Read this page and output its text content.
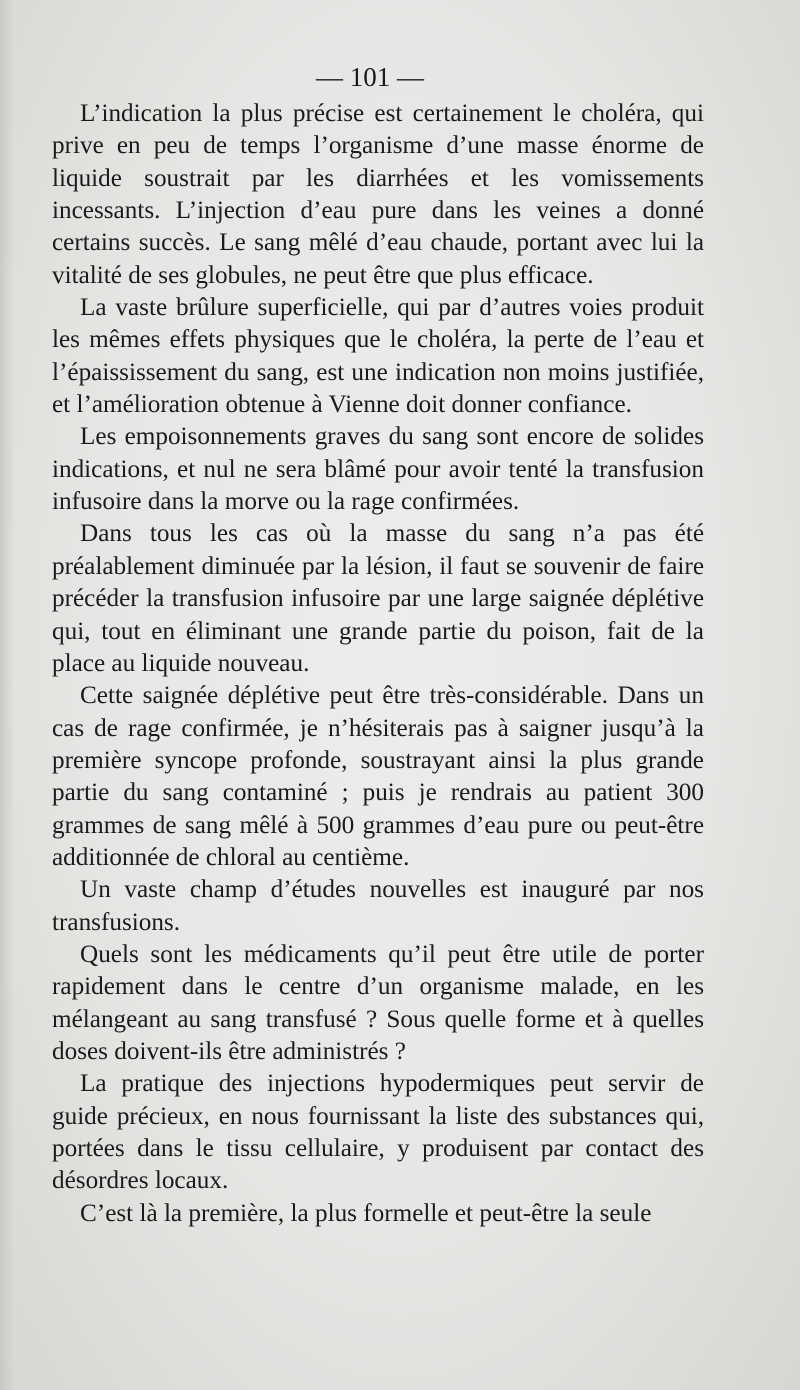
— 101 —

L’indication la plus précise est certainement le choléra, qui prive en peu de temps l’organisme d’une masse énorme de liquide soustrait par les diarrhées et les vomissements incessants. L’injection d’eau pure dans les veines a donné certains succès. Le sang mêlé d’eau chaude, portant avec lui la vitalité de ses globules, ne peut être que plus efficace.

La vaste brûlure superficielle, qui par d’autres voies produit les mêmes effets physiques que le choléra, la perte de l’eau et l’épaississement du sang, est une indication non moins justifiée, et l’amélioration obtenue à Vienne doit donner confiance.

Les empoisonnements graves du sang sont encore de solides indications, et nul ne sera blâmé pour avoir tenté la transfusion infusoire dans la morve ou la rage confirmées.

Dans tous les cas où la masse du sang n’a pas été préalablement diminuée par la lésion, il faut se souvenir de faire précéder la transfusion infusoire par une large saignée déplétive qui, tout en éliminant une grande partie du poison, fait de la place au liquide nouveau.

Cette saignée déplétive peut être très-considérable. Dans un cas de rage confirmée, je n’hésiterais pas à saigner jusqu’à la première syncope profonde, soustrayant ainsi la plus grande partie du sang contaminé ; puis je rendrais au patient 300 grammes de sang mêlé à 500 grammes d’eau pure ou peut-être additionnée de chloral au centième.

Un vaste champ d’études nouvelles est inauguré par nos transfusions.

Quels sont les médicaments qu’il peut être utile de porter rapidement dans le centre d’un organisme malade, en les mélangeant au sang transfusé ? Sous quelle forme et à quelles doses doivent-ils être administrés ?

La pratique des injections hypodermiques peut servir de guide précieux, en nous fournissant la liste des substances qui, portées dans le tissu cellulaire, y produisent par contact des désordres locaux.

C’est là la première, la plus formelle et peut-être la seule
